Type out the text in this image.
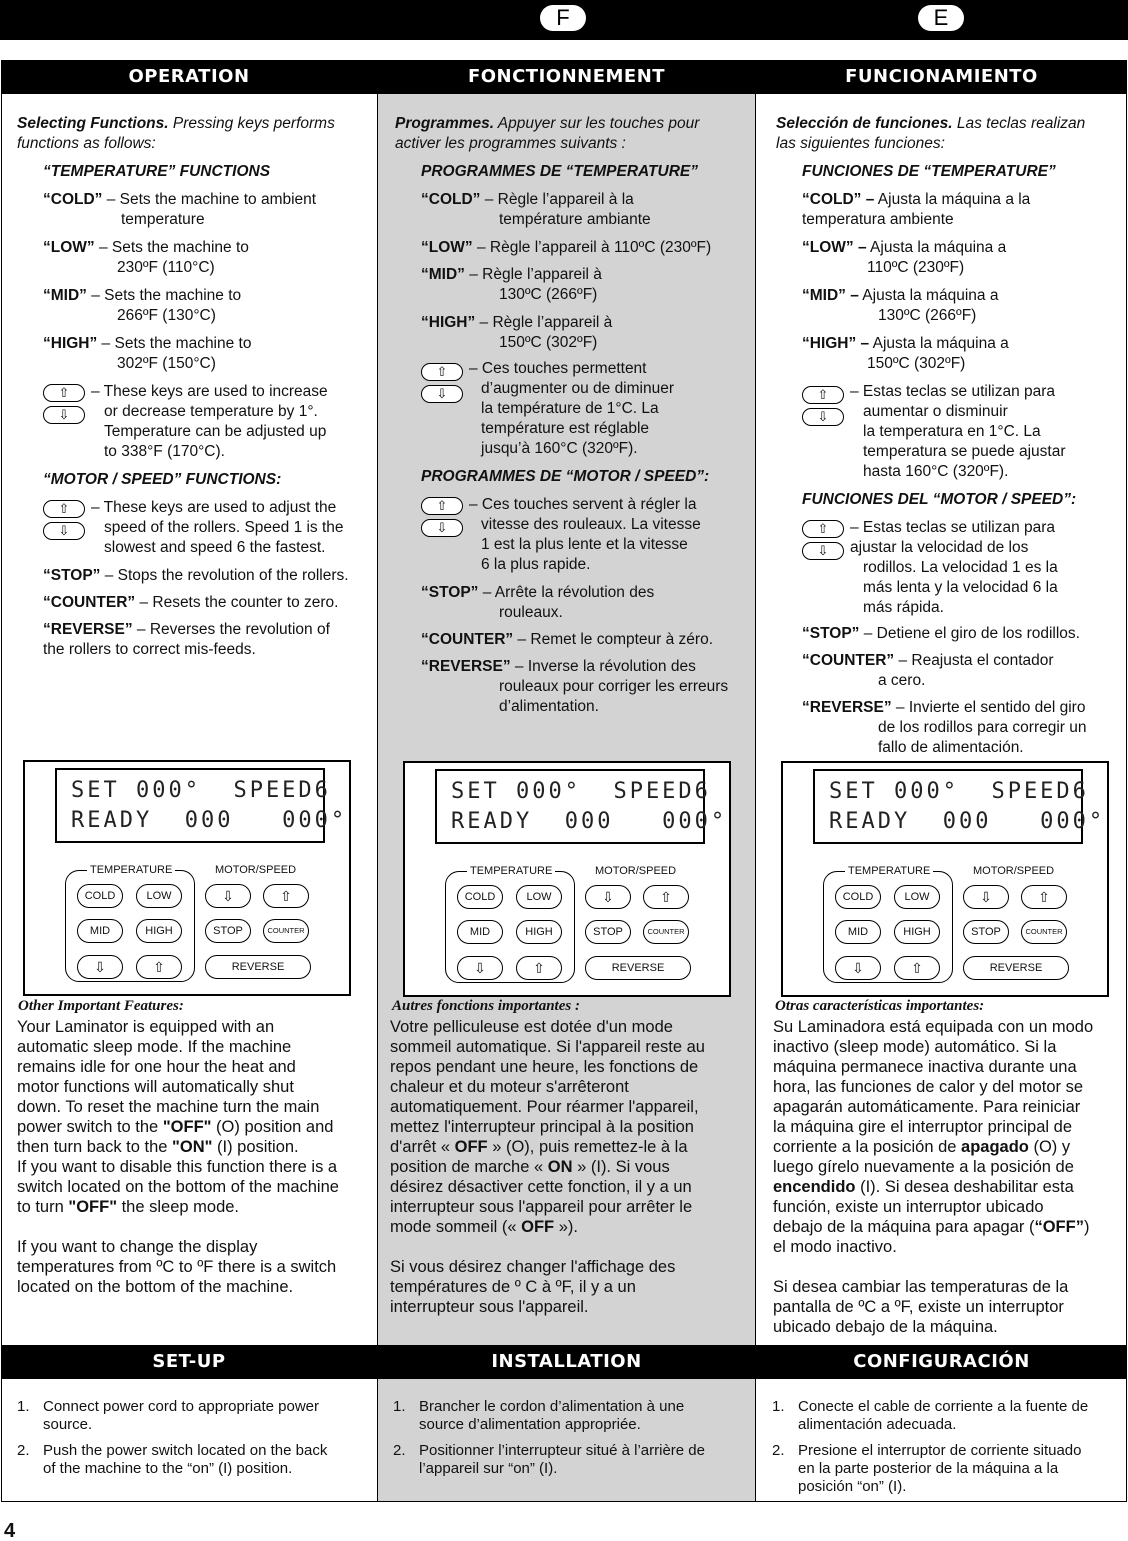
F	E
OPERATION	FONCTIONNEMENT	FUNCIONAMIENTO
SET-UP	INSTALLATION	CONFIGURACIÓN

Selecting Functions. Pressing keys performs functions as follows:

“TEMPERATURE” FUNCTIONS

“COLD” – Sets the machine to ambient

temperature

“LOW” – Sets the machine to

230ºF (110°C)

“MID” – Sets the machine to

266ºF (130°C)

“HIGH” – Sets the machine to

302ºF (150°C)

⇧
⇩

– These keys are used to increase

or decrease temperature by 1°.

Temperature can be adjusted up

to 338°F (170°C).

“MOTOR / SPEED” FUNCTIONS:

⇧
⇩

– These keys are used to adjust the

speed of the rollers. Speed 1 is the

slowest and speed 6 the fastest.

“STOP” – Stops the revolution of the rollers.

“COUNTER” – Resets the counter to zero.

“REVERSE” – Reverses the revolution of

the rollers to correct mis-feeds.

Programmes. Appuyer sur les touches pour

activer les programmes suivants :

PROGRAMMES DE “TEMPERATURE”

“COLD” – Règle l’appareil à la

température ambiante

“LOW” – Règle l’appareil à 110ºC (230ºF)

“MID” – Règle l’appareil à

130ºC (266ºF)

“HIGH” – Règle l’appareil à

150ºC (302ºF)

⇧
⇩

– Ces touches permettent

d’augmenter ou de diminuer

la température de 1°C. La

température est réglable

jusqu’à 160°C (320ºF).

PROGRAMMES DE “MOTOR / SPEED”:

⇧
⇩

– Ces touches servent à régler la

vitesse des rouleaux. La vitesse

1 est la plus lente et la vitesse

6 la plus rapide.

“STOP” – Arrête la révolution des

rouleaux.

“COUNTER” – Remet le compteur à zéro.

“REVERSE” – Inverse la révolution des

rouleaux pour corriger les erreurs

d’alimentation.

Selección de funciones. Las teclas realizan

las siguientes funciones:

FUNCIONES DE “TEMPERATURE”

“COLD” – Ajusta la máquina a la

temperatura ambiente

“LOW” – Ajusta la máquina a

110ºC (230ºF)

“MID” – Ajusta la máquina a

130ºC (266ºF)

“HIGH” – Ajusta la máquina a

150ºC (302ºF)

⇧
⇩

– Estas teclas se utilizan para

aumentar o disminuir

la temperatura en 1°C. La

temperatura se puede ajustar

hasta 160°C (320ºF).

FUNCIONES DEL “MOTOR / SPEED”:

⇧
⇩

– Estas teclas se utilizan para

ajustar la velocidad de los

rodillos. La velocidad 1 es la

más lenta y la velocidad 6 la

más rápida.

“STOP” – Detiene el giro de los rodillos.

“COUNTER” – Reajusta el contador

a cero.

“REVERSE” – Invierte el sentido del giro

de los rodillos para corregir un

fallo de alimentación.

SET 000°  SPEED6
READY  000   000°
TEMPERATURE	MOTOR/SPEED
COLD	LOW
MID	HIGH
⇩	⇧
⇩	⇧
STOP	COUNTER
REVERSE
SET 000°  SPEED6
READY  000   000°
TEMPERATURE	MOTOR/SPEED
COLD	LOW
MID	HIGH
⇩	⇧
⇩	⇧
STOP	COUNTER
REVERSE
SET 000°  SPEED6
READY  000   000°
TEMPERATURE	MOTOR/SPEED
COLD	LOW
MID	HIGH
⇩	⇧
⇩	⇧
STOP	COUNTER
REVERSE
Other Important Features:
Your Laminator is equipped with an
automatic sleep mode. If the machine
remains idle for one hour the heat and
motor functions will automatically shut
down. To reset the machine turn the main
power switch to the "OFF" (O) position and
then turn back to the "ON" (I) position.
If you want to disable this function there is a
switch located on the bottom of the machine
to turn "OFF" the sleep mode.
If you want to change the display
temperatures from ºC to ºF there is a switch
located on the bottom of the machine.
Autres fonctions importantes :
Votre pelliculeuse est dotée d'un mode
sommeil automatique. Si l'appareil reste au
repos pendant une heure, les fonctions de
chaleur et du moteur s'arrêteront
automatiquement. Pour réarmer l'appareil,
mettez l'interrupteur principal à la position
d'arrêt « OFF » (O), puis remettez-le à la
position de marche « ON » (I). Si vous
désirez désactiver cette fonction, il y a un
interrupteur sous l'appareil pour arrêter le
mode sommeil (« OFF »).
Si vous désirez changer l'affichage des
températures de º C à ºF, il y a un
interrupteur sous l'appareil.
Otras características importantes:
Su Laminadora está equipada con un modo
inactivo (sleep mode) automático. Si la
máquina permanece inactiva durante una
hora, las funciones de calor y del motor se
apagarán automáticamente. Para reiniciar
la máquina gire el interruptor principal de
corriente a la posición de apagado (O) y
luego gírelo nuevamente a la posición de
encendido (I). Si desea deshabilitar esta
función, existe un interruptor ubicado
debajo de la máquina para apagar (“OFF”)
el modo inactivo.
Si desea cambiar las temperaturas de la
pantalla de ºC a ºF, existe un interruptor
ubicado debajo de la máquina.
1. Connect power cord to appropriate power
source.
2. Push the power switch located on the back
of the machine to the “on” (I) position.
1. Brancher le cordon d’alimentation à une
source d’alimentation appropriée.
2. Positionner l’interrupteur situé à l’arrière de
l’appareil sur “on” (I).
1. Conecte el cable de corriente a la fuente de
alimentación adecuada.
2. Presione el interruptor de corriente situado
en la parte posterior de la máquina a la
posición “on” (I).
4
